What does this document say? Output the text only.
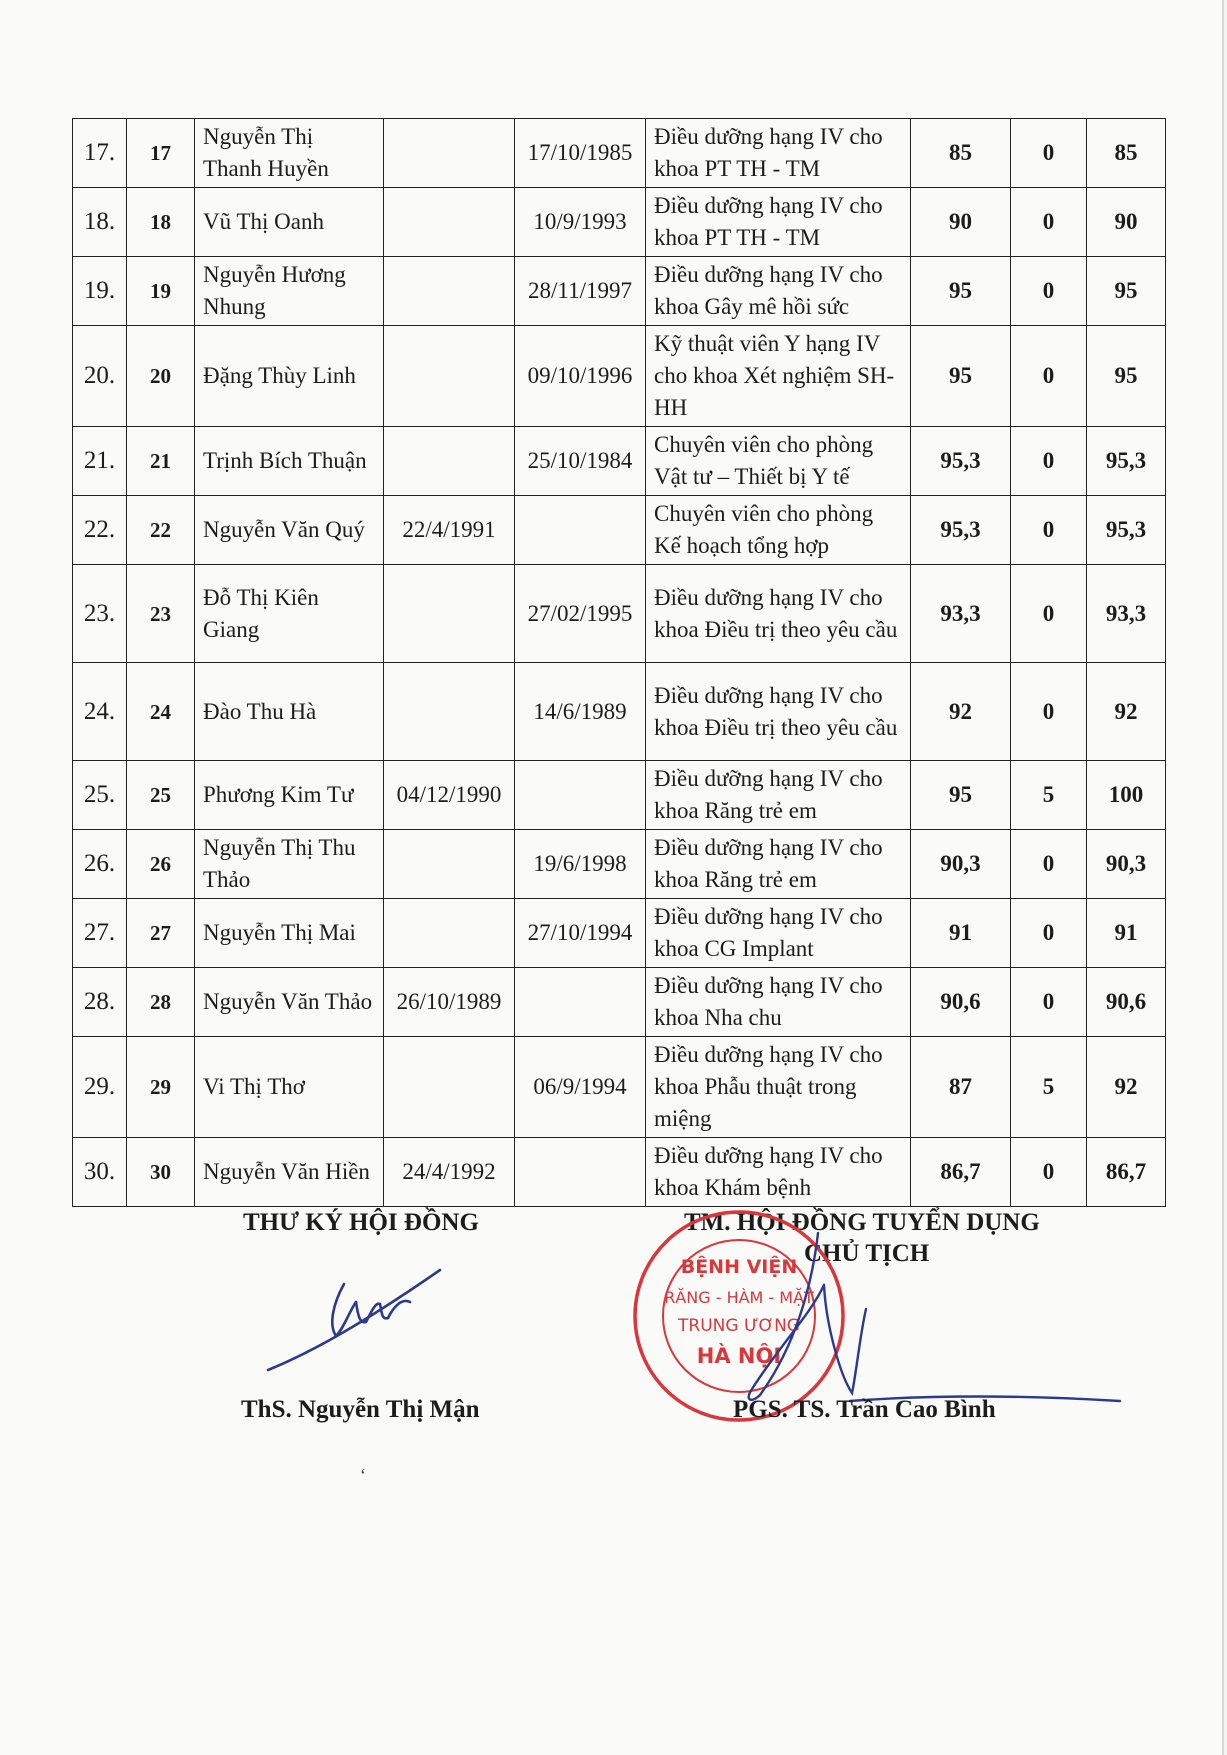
17.	17	Nguyễn Thị Thanh Huyền		17/10/1985	Điều dưỡng hạng IV cho khoa PT TH - TM	85	0	85
18.	18	Vũ Thị Oanh		10/9/1993	Điều dưỡng hạng IV cho khoa PT TH - TM	90	0	90
19.	19	Nguyễn Hương Nhung		28/11/1997	Điều dưỡng hạng IV cho khoa Gây mê hồi sức	95	0	95
20.	20	Đặng Thùy Linh		09/10/1996	Kỹ thuật viên Y hạng IV cho khoa Xét nghiệm SH-HH	95	0	95
21.	21	Trịnh Bích Thuận		25/10/1984	Chuyên viên cho phòng Vật tư – Thiết bị Y tế	95,3	0	95,3
22.	22	Nguyễn Văn Quý	22/4/1991		Chuyên viên cho phòng Kế hoạch tổng hợp	95,3	0	95,3
23.	23	Đỗ Thị Kiên Giang		27/02/1995	Điều dưỡng hạng IV cho khoa Điều trị theo yêu cầu	93,3	0	93,3
24.	24	Đào Thu Hà		14/6/1989	Điều dưỡng hạng IV cho khoa Điều trị theo yêu cầu	92	0	92
25.	25	Phương Kim Tư	04/12/1990		Điều dưỡng hạng IV cho khoa Răng trẻ em	95	5	100
26.	26	Nguyễn Thị Thu Thảo		19/6/1998	Điều dưỡng hạng IV cho khoa Răng trẻ em	90,3	0	90,3
27.	27	Nguyễn Thị Mai		27/10/1994	Điều dưỡng hạng IV cho khoa CG Implant	91	0	91
28.	28	Nguyễn Văn Thảo	26/10/1989		Điều dưỡng hạng IV cho khoa Nha chu	90,6	0	90,6
29.	29	Vi Thị Thơ		06/9/1994	Điều dưỡng hạng IV cho khoa Phẫu thuật trong miệng	87	5	92
30.	30	Nguyễn Văn Hiền	24/4/1992		Điều dưỡng hạng IV cho khoa Khám bệnh	86,7	0	86,7
THƯ KÝ HỘI ĐỒNG	TM. HỘI ĐỒNG TUYỂN DỤNG
CHỦ TỊCH
BỆNH VIỆN
RĂNG - HÀM - MẶT
TRUNG ƯƠNG
HÀ NỘI
ThS. Nguyễn Thị Mận	PGS. TS. Trần Cao Bình
ʻ
